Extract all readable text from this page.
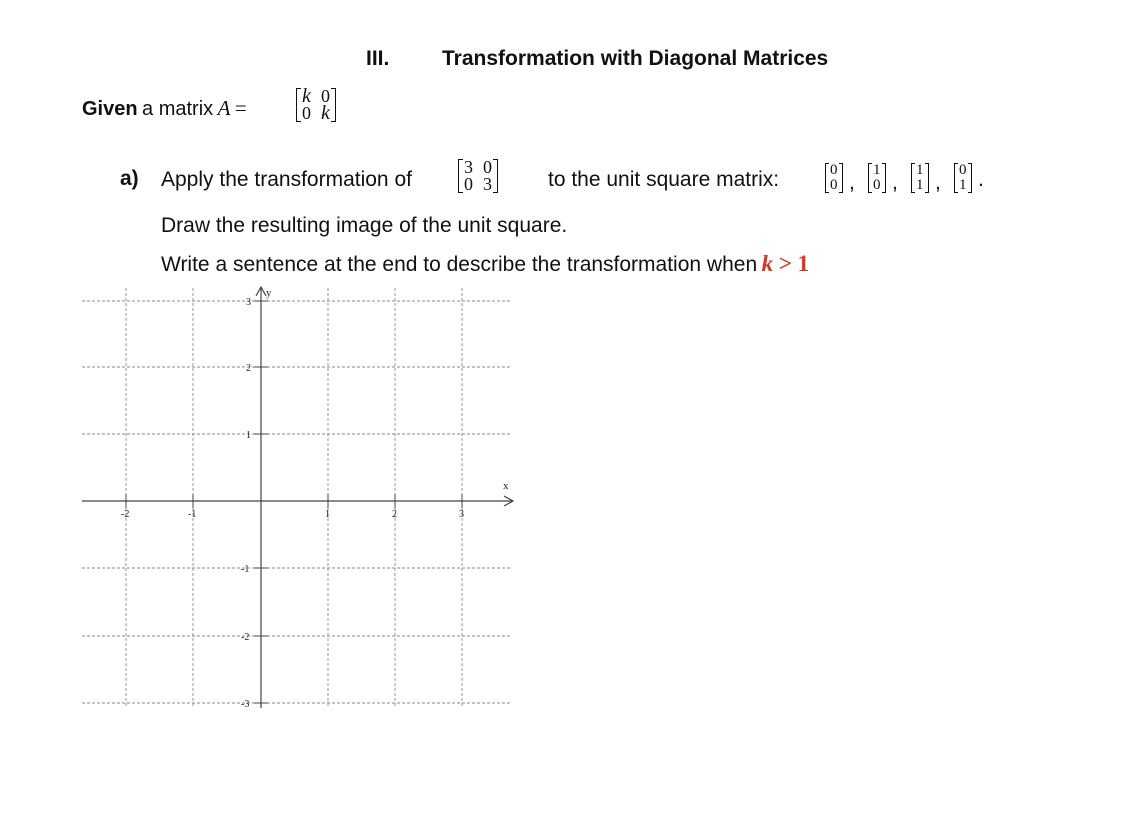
III.	Transformation with Diagonal Matrices
Given a matrix A =	k 0
0 k
a) Apply the transformation of
3 0
0 3	to the unit square matrix:	0
0 ,
1
0 ,
1
1 ,
0
1 .
Draw the resulting image of the unit square.
Write a sentence at the end to describe the transformation when k > 1
x
y
-2	-1	1	2	3
3
2
1
-1
-2
-3
